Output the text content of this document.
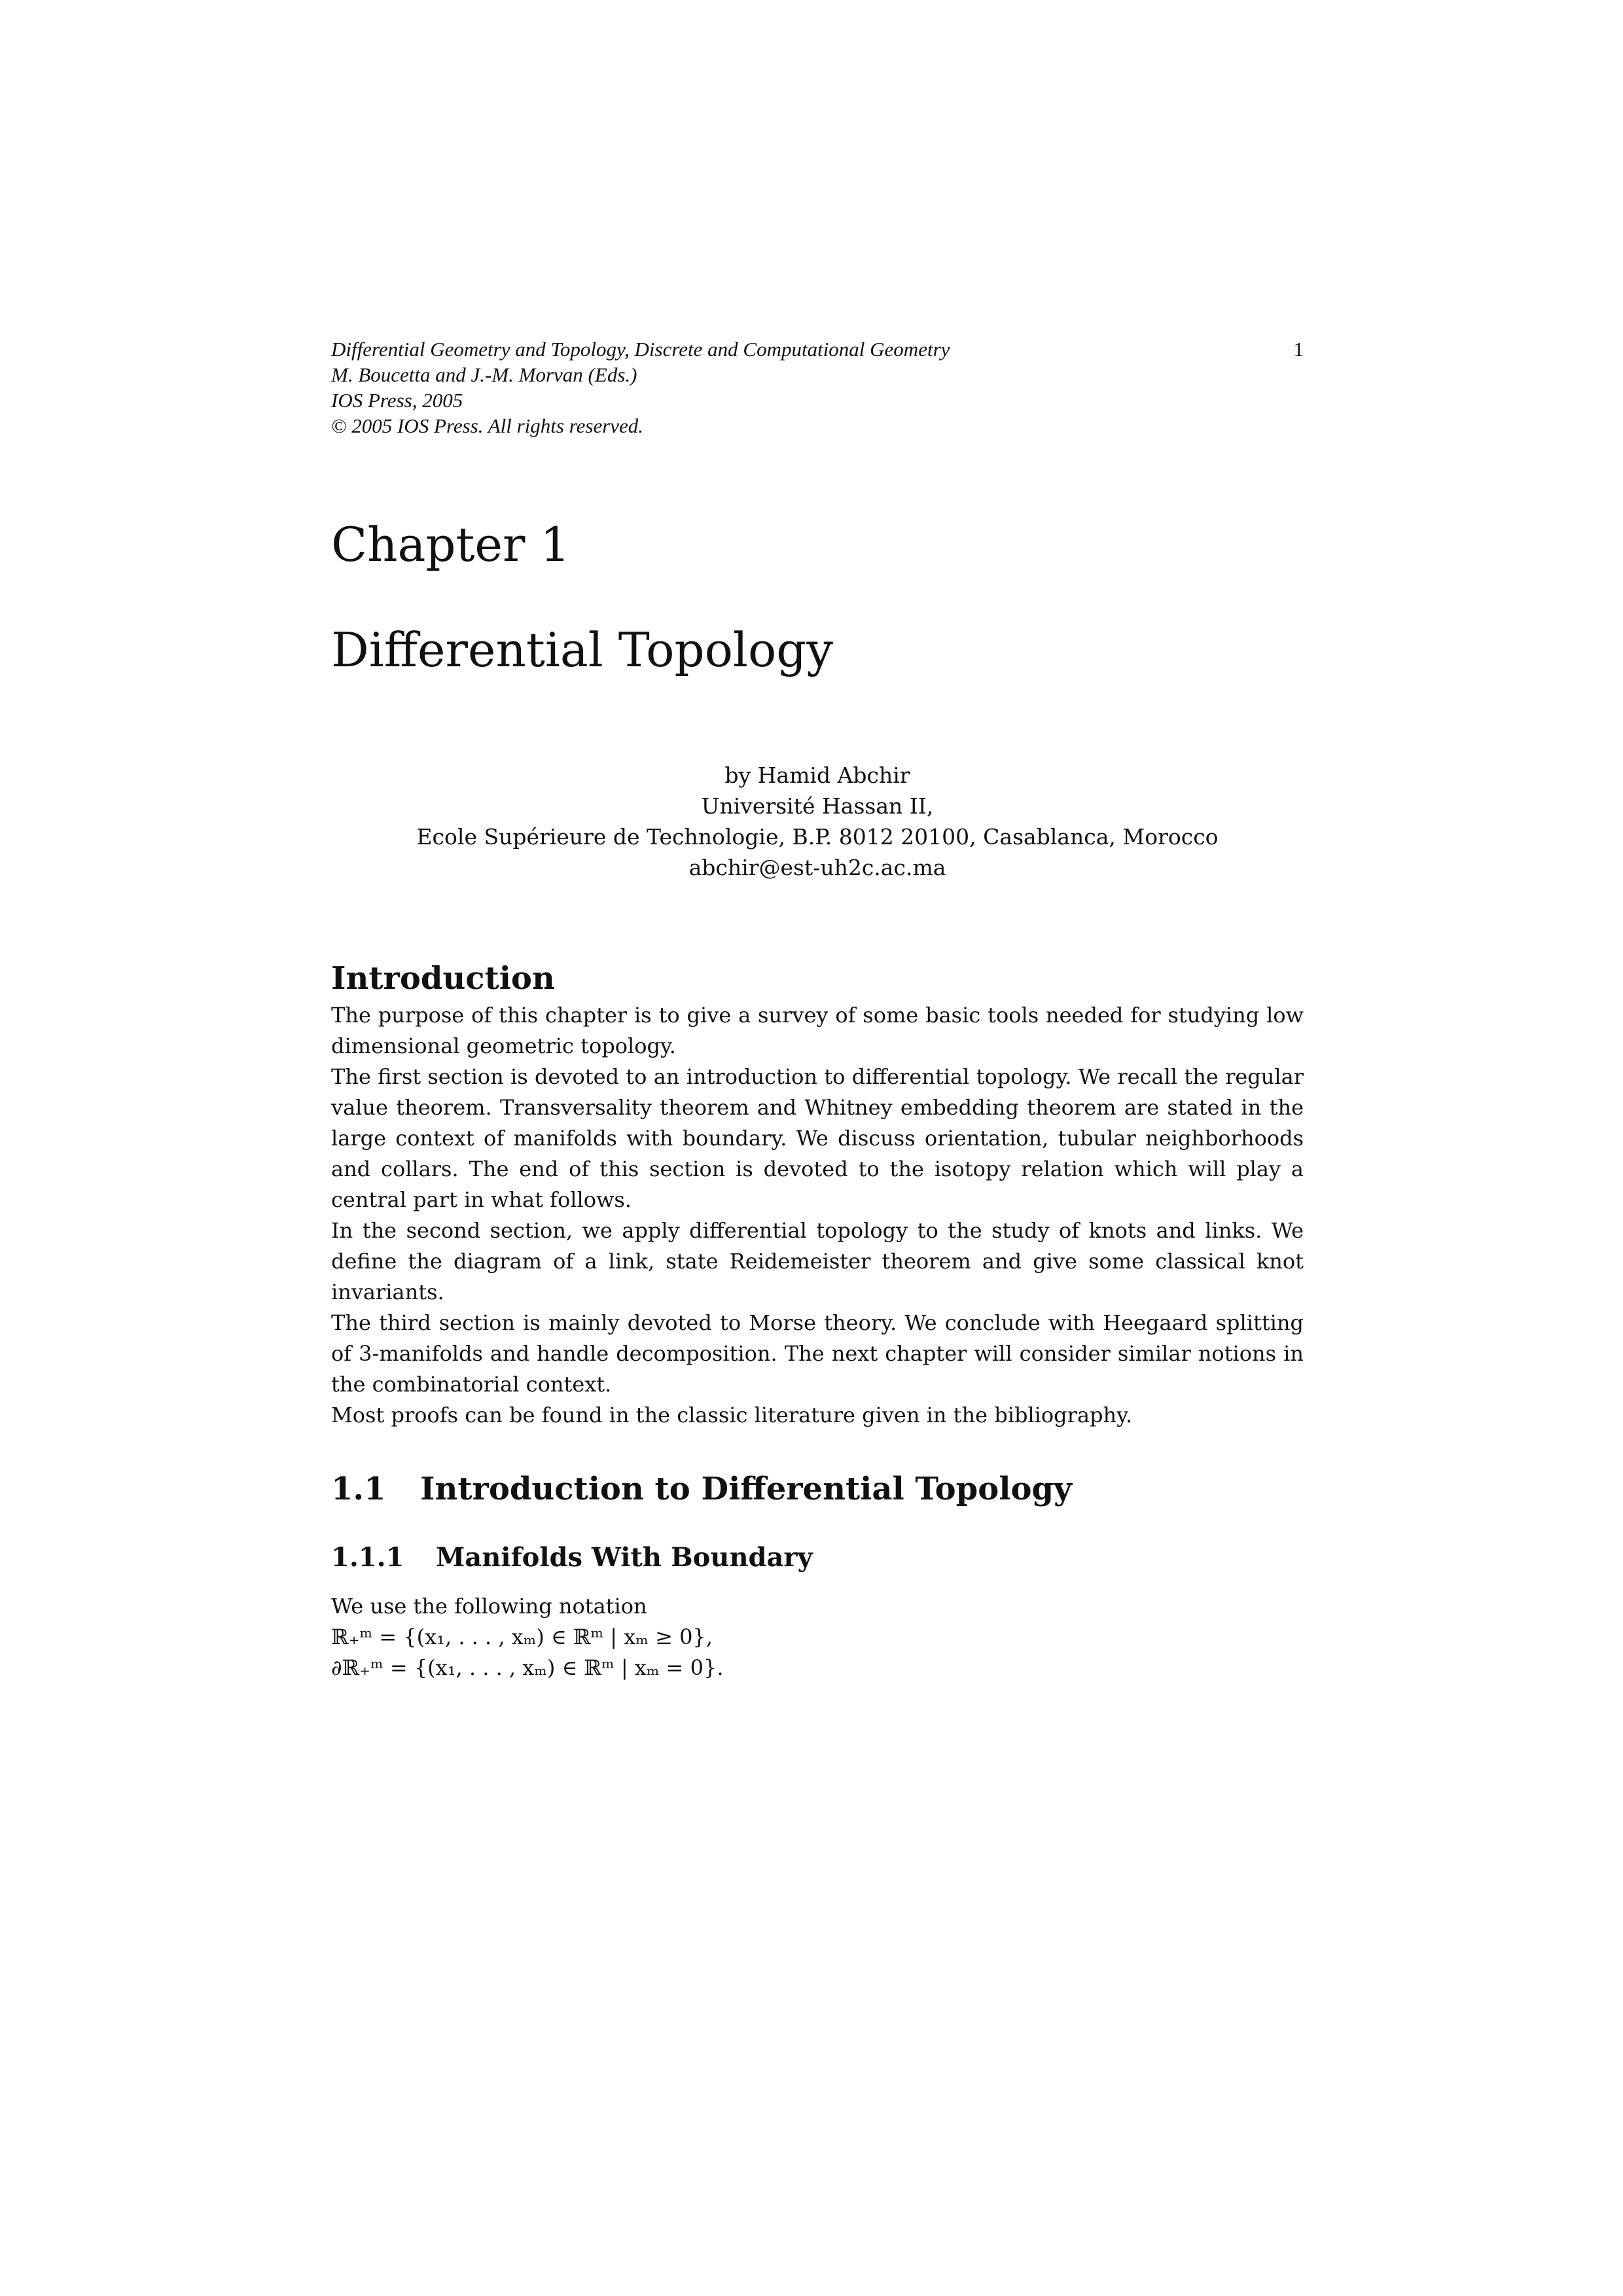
Differential Geometry and Topology, Discrete and Computational Geometry
M. Boucetta and J.-M. Morvan (Eds.)
IOS Press, 2005
© 2005 IOS Press. All rights reserved.
1
Chapter 1
Differential Topology
by Hamid Abchir
Université Hassan II,
Ecole Supérieure de Technologie, B.P. 8012 20100, Casablanca, Morocco
abchir@est-uh2c.ac.ma
Introduction

The purpose of this chapter is to give a survey of some basic tools needed for studying low dimensional geometric topology.

The first section is devoted to an introduction to differential topology. We recall the regular value theorem. Transversality theorem and Whitney embedding theorem are stated in the large context of manifolds with boundary. We discuss orientation, tubular neighborhoods and collars. The end of this section is devoted to the isotopy relation which will play a central part in what follows.

In the second section, we apply differential topology to the study of knots and links. We define the diagram of a link, state Reidemeister theorem and give some classical knot invariants.

The third section is mainly devoted to Morse theory. We conclude with Heegaard splitting of 3-manifolds and handle decomposition. The next chapter will consider similar notions in the combinatorial context.

Most proofs can be found in the classic literature given in the bibliography.

1.1 Introduction to Differential Topology
1.1.1 Manifolds With Boundary
We use the following notation
ℝ₊ᵐ = {(x₁, . . . , xₘ) ∈ ℝᵐ | xₘ ≥ 0},
∂ℝ₊ᵐ = {(x₁, . . . , xₘ) ∈ ℝᵐ | xₘ = 0}.
